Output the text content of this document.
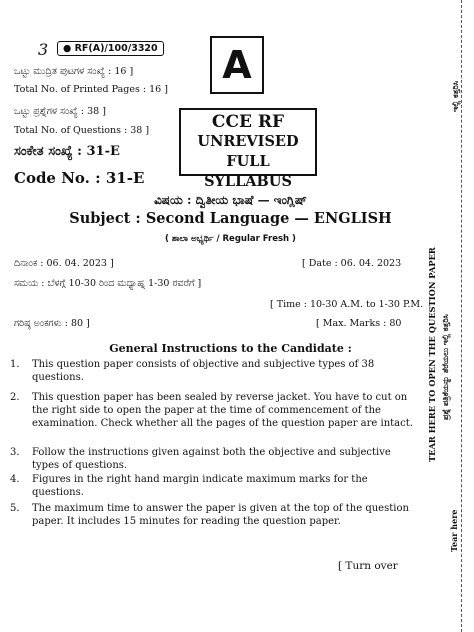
3	● RF(A)/100/3320
ಒಟ್ಟು ಮುದ್ರಿತ ಪುಟಗಳ ಸಂಖ್ಯೆ : 16 ]
Total No. of Printed Pages : 16 ]
ಒಟ್ಟು ಪ್ರಶ್ನೆಗಳ ಸಂಖ್ಯೆ : 38 ]
Total No. of Questions : 38 ]
ಸಂಕೇತ ಸಂಖ್ಯೆ : 31-E
Code No. : 31-E
A
CCE RF
UNREVISED
FULL SYLLABUS
ವಿಷಯ : ದ್ವಿತೀಯ ಭಾಷೆ — ಇಂಗ್ಲಿಷ್
Subject : Second Language — ENGLISH
( ಶಾಲಾ ಅಭ್ಯರ್ಥಿ / Regular Fresh )
ದಿನಾಂಕ : 06. 04. 2023 ]	[ Date : 06. 04. 2023
ಸಮಯ : ಬೆಳಗ್ಗೆ 10-30 ರಿಂದ ಮಧ್ಯಾಹ್ನ 1-30 ರವರೆಗೆ ]
[ Time : 10-30 A.M. to 1-30 P.M.
ಗರಿಷ್ಠ ಅಂಕಗಳು : 80 ]	[ Max. Marks : 80
General Instructions to the Candidate :
1. This question paper consists of objective and subjective types of 38 questions.
2. This question paper has been sealed by reverse jacket. You have to cut on the right side to open the paper at the time of commencement of the examination. Check whether all the pages of the question paper are intact.
3. Follow the instructions given against both the objective and subjective types of questions.
4. Figures in the right hand margin indicate maximum marks for the questions.
5. The maximum time to answer the paper is given at the top of the question paper. It includes 15 minutes for reading the question paper.
[ Turn over
ಇಲ್ಲಿ ಕತ್ತರಿಸಿ
TEAR HERE TO OPEN THE QUESTION PAPER ಪ್ರಶ್ನೆ ಪತ್ರಿಕೆಯನ್ನು ತೆರೆಯಲು ಇಲ್ಲಿ ಕತ್ತರಿಸಿ
Tear here
